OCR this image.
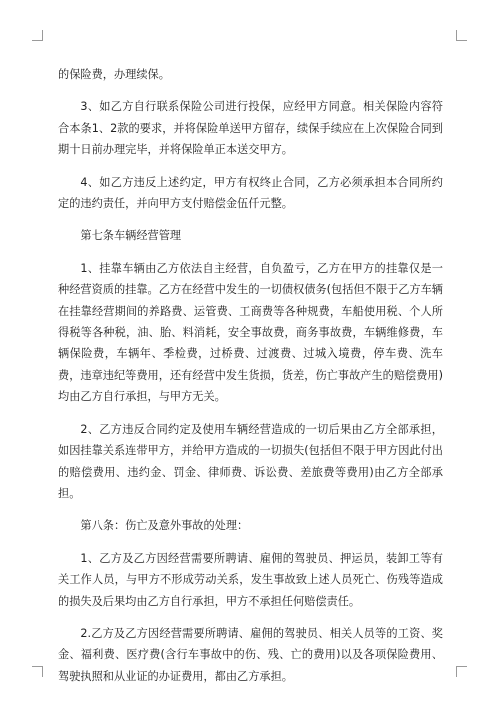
的保险费，办理续保。

3、如乙方自行联系保险公司进行投保，应经甲方同意。相关保险内容符合本条1、2款的要求，并将保险单送甲方留存，续保手续应在上次保险合同到期十日前办理完毕，并将保险单正本送交甲方。

4、如乙方违反上述约定，甲方有权终止合同，乙方必须承担本合同所约定的违约责任，并向甲方支付赔偿金伍仟元整。

第七条车辆经营管理

1、挂靠车辆由乙方依法自主经营，自负盈亏，乙方在甲方的挂靠仅是一种经营资质的挂靠。乙方在经营中发生的一切债权债务(包括但不限于乙方车辆在挂靠经营期间的养路费、运管费、工商费等各种规费，车船使用税、个人所得税等各种税，油、胎、料消耗，安全事故费，商务事故费，车辆维修费，车辆保险费，车辆年、季检费，过桥费、过渡费、过城入境费，停车费、洗车费，违章违纪等费用，还有经营中发生货损，货差，伤亡事故产生的赔偿费用)均由乙方自行承担，与甲方无关。

2、乙方违反合同约定及使用车辆经营造成的一切后果由乙方全部承担，如因挂靠关系连带甲方，并给甲方造成的一切损失(包括但不限于甲方因此付出的赔偿费用、违约金、罚金、律师费、诉讼费、差旅费等费用)由乙方全部承担。

第八条：伤亡及意外事故的处理：

1、乙方及乙方因经营需要所聘请、雇佣的驾驶员、押运员，装卸工等有关工作人员，与甲方不形成劳动关系，发生事故致上述人员死亡、伤残等造成的损失及后果均由乙方自行承担，甲方不承担任何赔偿责任。

2.乙方及乙方因经营需要所聘请、雇佣的驾驶员、相关人员等的工资、奖金、福利费、医疗费(含行车事故中的伤、残、亡的费用)以及各项保险费用、驾驶执照和从业证的办证费用，都由乙方承担。
